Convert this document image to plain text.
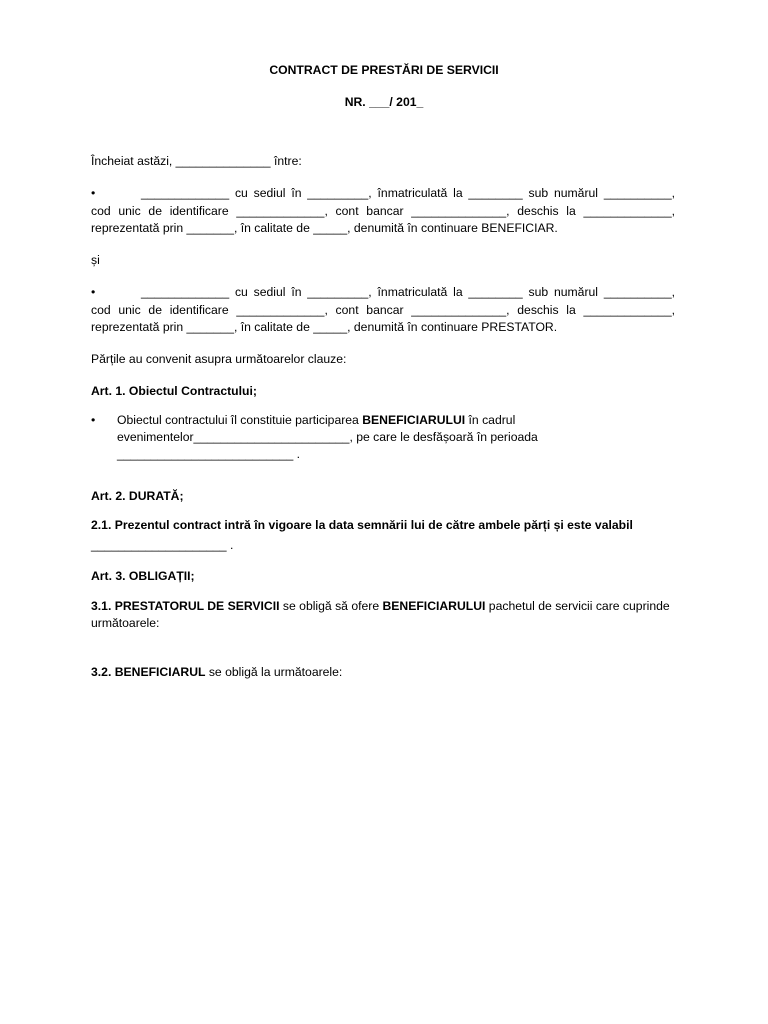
CONTRACT DE PRESTĂRI DE SERVICII
NR. ___/ 201_
Încheiat astăzi, ______________ între:
•	_____________ cu sediul în _________, înmatriculată la ________ sub numărul __________,
cod unic de identificare _____________, cont bancar ______________, deschis la _____________,
reprezentată prin _______, în calitate de _____, denumită în continuare BENEFICIAR.
și
•	_____________ cu sediul în _________, înmatriculată la ________ sub numărul __________,
cod unic de identificare _____________, cont bancar ______________, deschis la _____________,
reprezentată prin _______, în calitate de _____, denumită în continuare PRESTATOR.
Părțile au convenit asupra următoarelor clauze:
Art. 1. Obiectul Contractului;
• Obiectul contractului îl constituie participarea BENEFICIARULUI în cadrul
evenimentelor_______________________, pe care le desfășoară în perioada
__________________________ .
Art. 2. DURATĂ;
2.1. Prezentul contract intră în vigoare la data semnării lui de către ambele părți și este valabil
____________________ .
Art. 3. OBLIGAȚII;
3.1. PRESTATORUL DE SERVICII se obligă să ofere BENEFICIARULUI pachetul de servicii care cuprinde
următoarele:
3.2. BENEFICIARUL se obligă la următoarele:
